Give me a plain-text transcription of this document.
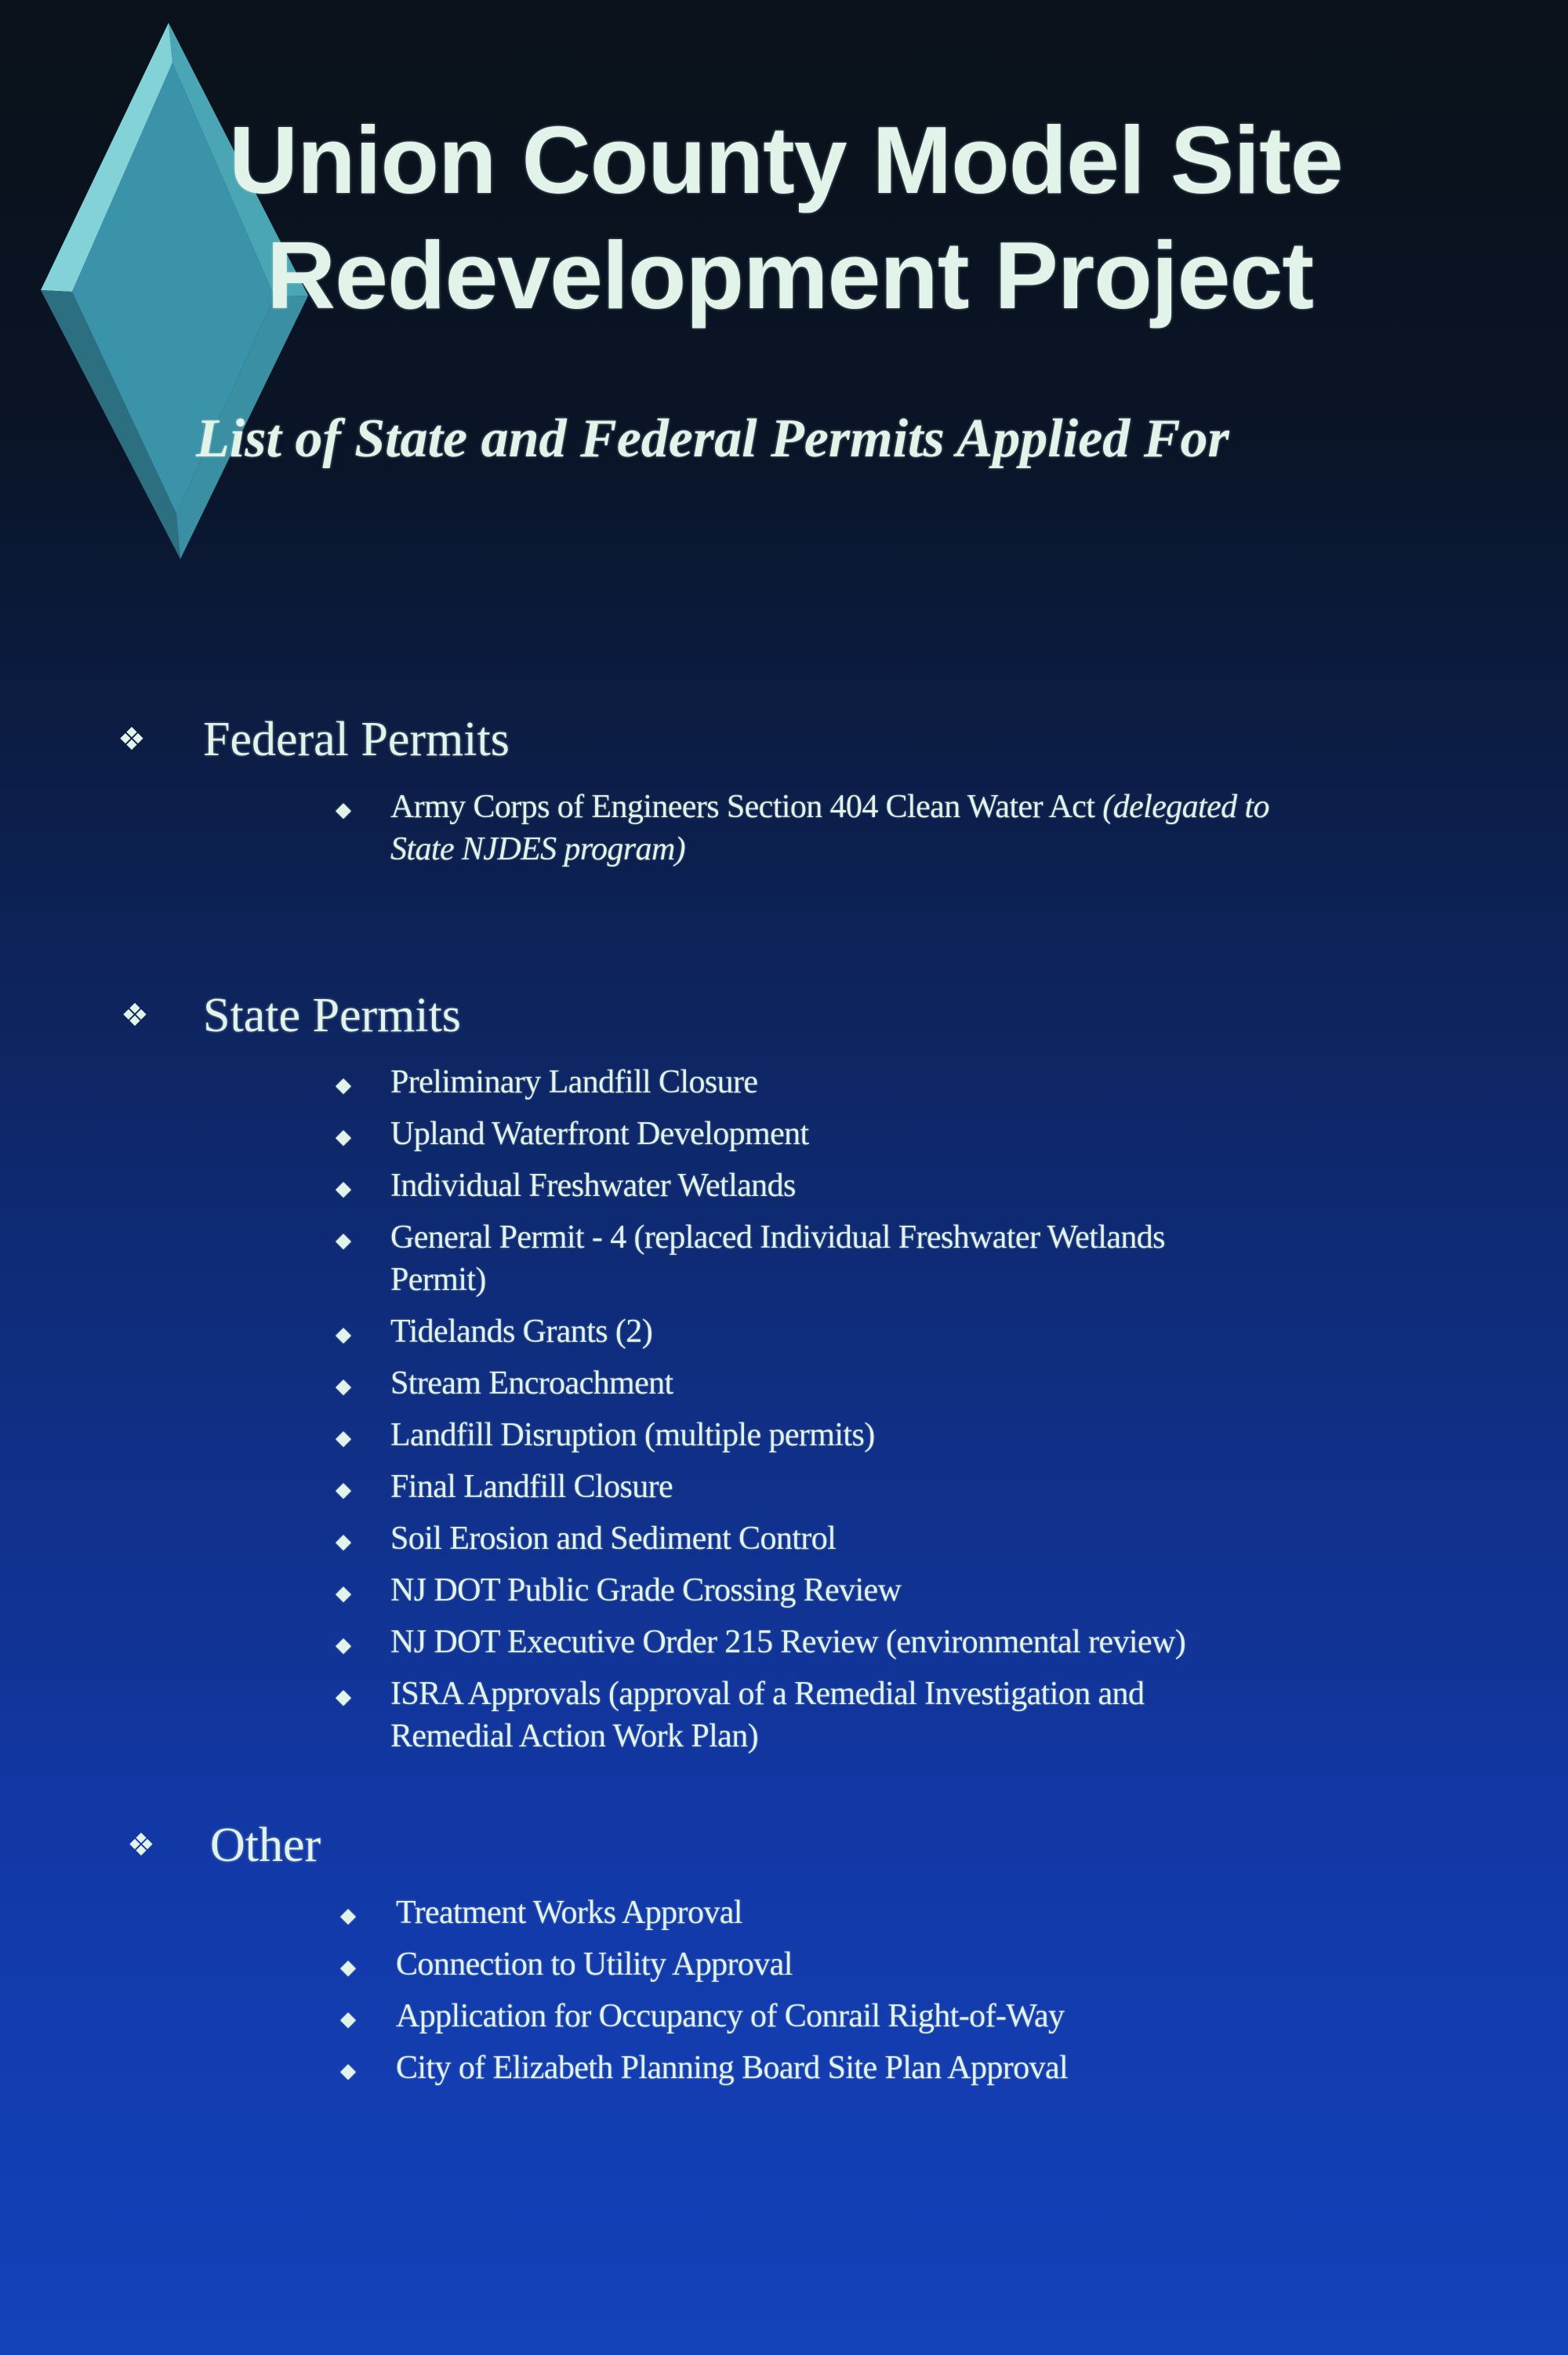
Union County Model Site
Redevelopment Project
List of State and Federal Permits Applied For
❖ Federal Permits
◆ Army Corps of Engineers Section 404 Clean Water Act (delegated to
State NJDES program)
❖ State Permits
◆ Preliminary Landfill Closure
◆ Upland Waterfront Development
◆ Individual Freshwater Wetlands
◆ General Permit - 4 (replaced Individual Freshwater Wetlands
Permit)
◆ Tidelands Grants (2)
◆ Stream Encroachment
◆ Landfill Disruption (multiple permits)
◆ Final Landfill Closure
◆ Soil Erosion and Sediment Control
◆ NJ DOT Public Grade Crossing Review
◆ NJ DOT Executive Order 215 Review (environmental review)
◆ ISRA Approvals (approval of a Remedial Investigation and
Remedial Action Work Plan)
❖ Other
◆ Treatment Works Approval
◆ Connection to Utility Approval
◆ Application for Occupancy of Conrail Right-of-Way
◆ City of Elizabeth Planning Board Site Plan Approval
